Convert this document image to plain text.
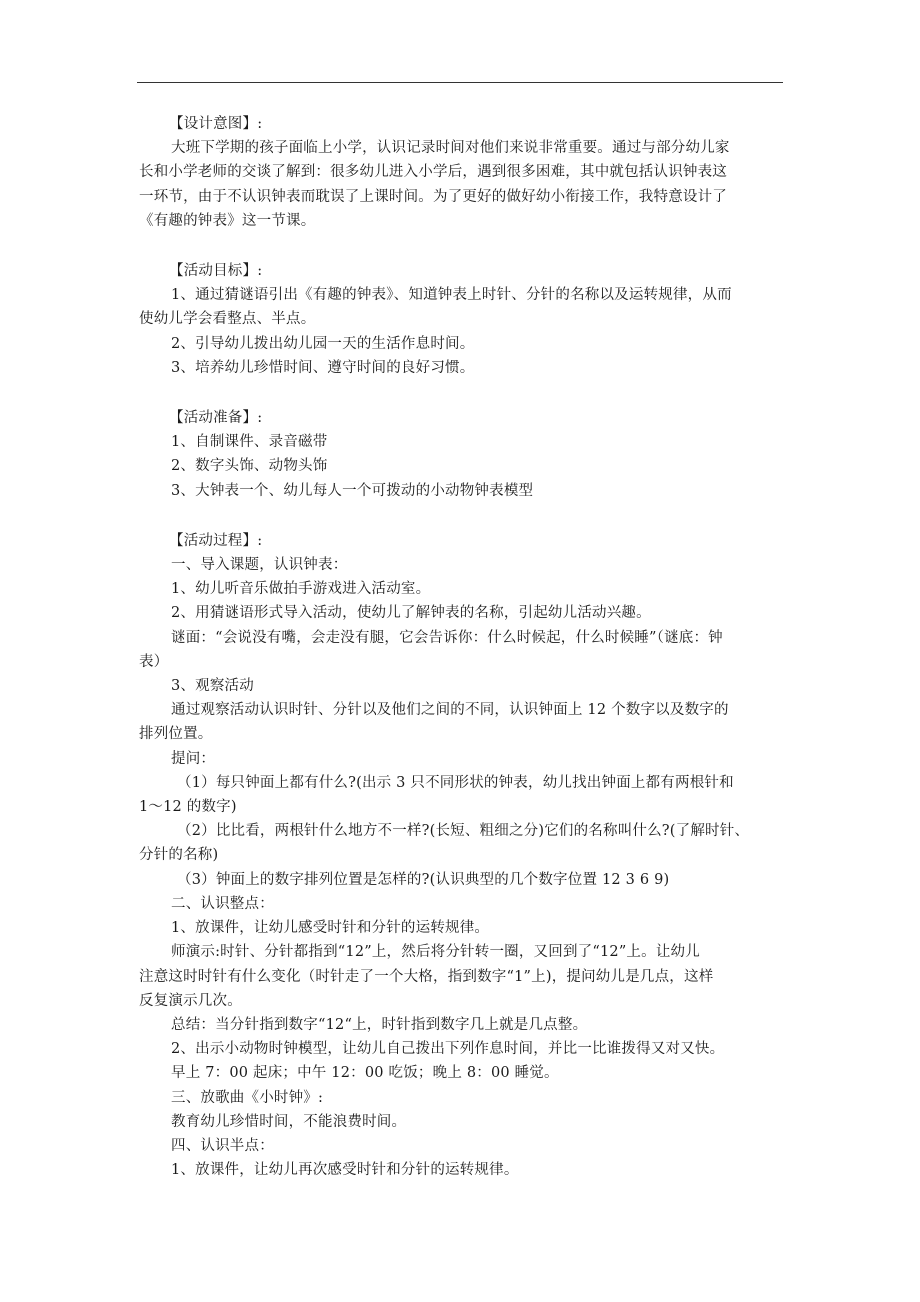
【设计意图】:
大班下学期的孩子面临上小学，认识记录时间对他们来说非常重要。通过与部分幼儿家
长和小学老师的交谈了解到：很多幼儿进入小学后，遇到很多困难，其中就包括认识钟表这
一环节，由于不认识钟表而耽误了上课时间。为了更好的做好幼小衔接工作，我特意设计了
《有趣的钟表》这一节课。
【活动目标】:
1、通过猜谜语引出《有趣的钟表》、知道钟表上时针、分针的名称以及运转规律，从而
使幼儿学会看整点、半点。
2、引导幼儿拨出幼儿园一天的生活作息时间。
3、培养幼儿珍惜时间、遵守时间的良好习惯。
【活动准备】:
1、自制课件、录音磁带
2、数字头饰、动物头饰
3、大钟表一个、幼儿每人一个可拨动的小动物钟表模型
【活动过程】:
一、导入课题，认识钟表：
1、幼儿听音乐做拍手游戏进入活动室。
2、用猜谜语形式导入活动，使幼儿了解钟表的名称，引起幼儿活动兴趣。
谜面：“会说没有嘴，会走没有腿，它会告诉你：什么时候起，什么时候睡”（谜底：钟
表）
3、观察活动
通过观察活动认识时针、分针以及他们之间的不同，认识钟面上 12 个数字以及数字的
排列位置。
提问：
（1）每只钟面上都有什么?(出示 3 只不同形状的钟表，幼儿找出钟面上都有两根针和
1～12 的数字)
（2）比比看，两根针什么地方不一样?(长短、粗细之分)它们的名称叫什么?(了解时针、
分针的名称)
（3）钟面上的数字排列位置是怎样的?(认识典型的几个数字位置 12 3 6 9)
二、认识整点：
1、放课件，让幼儿感受时针和分针的运转规律。
师演示:时针、分针都指到“12”上，然后将分针转一圈，又回到了“12”上。让幼儿
注意这时时针有什么变化（时针走了一个大格，指到数字“1”上)，提问幼儿是几点，这样
反复演示几次。
总结：当分针指到数字“12“上，时针指到数字几上就是几点整。
2、出示小动物时钟模型，让幼儿自己拨出下列作息时间，并比一比谁拨得又对又快。
早上 7：00 起床；中午 12：00 吃饭；晚上 8：00 睡觉。
三、放歌曲《小时钟》:
教育幼儿珍惜时间，不能浪费时间。
四、认识半点：
1、放课件，让幼儿再次感受时针和分针的运转规律。
